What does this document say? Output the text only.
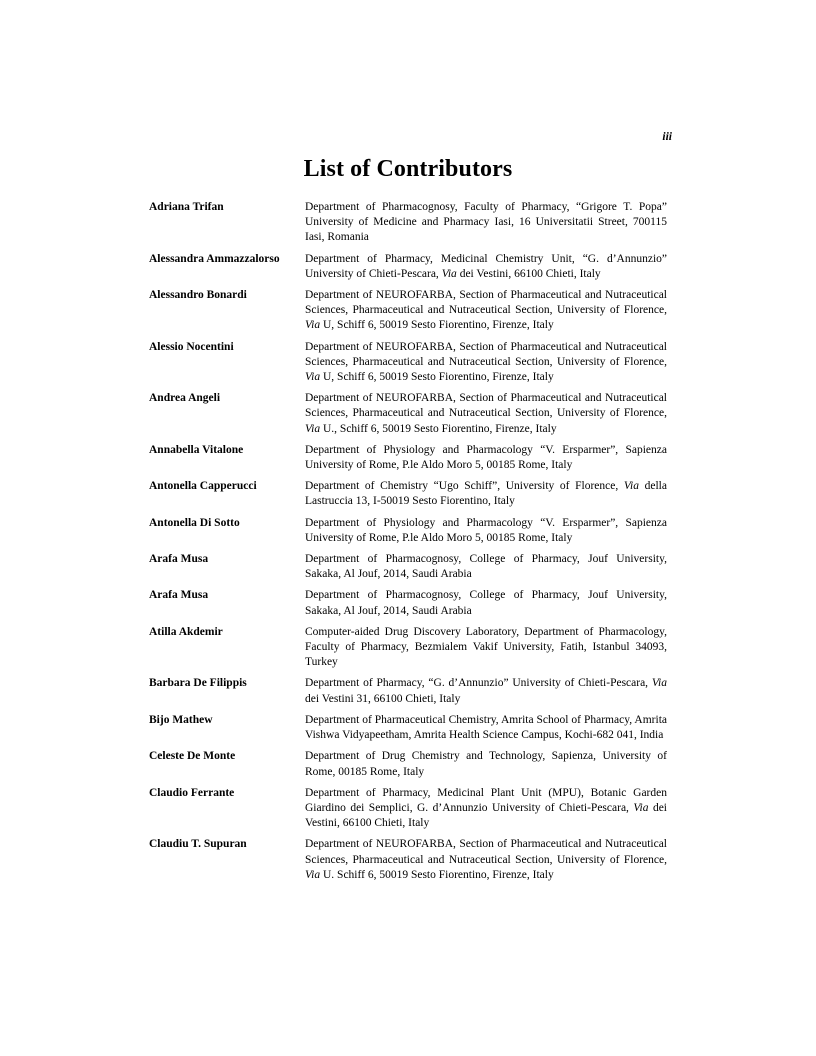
iii
List of Contributors
Adriana Trifan	Department of Pharmacognosy, Faculty of Pharmacy, “Grigore T. Popa” University of Medicine and Pharmacy Iasi, 16 Universitatii Street, 700115 Iasi, Romania
Alessandra Ammazzalorso	Department of Pharmacy, Medicinal Chemistry Unit, “G. d’Annunzio” University of Chieti-Pescara, Via dei Vestini, 66100 Chieti, Italy
Alessandro Bonardi	Department of NEUROFARBA, Section of Pharmaceutical and Nutraceutical Sciences, Pharmaceutical and Nutraceutical Section, University of Florence, Via U, Schiff 6, 50019 Sesto Fiorentino, Firenze, Italy
Alessio Nocentini	Department of NEUROFARBA, Section of Pharmaceutical and Nutraceutical Sciences, Pharmaceutical and Nutraceutical Section, University of Florence, Via U, Schiff 6, 50019 Sesto Fiorentino, Firenze, Italy
Andrea Angeli	Department of NEUROFARBA, Section of Pharmaceutical and Nutraceutical Sciences, Pharmaceutical and Nutraceutical Section, University of Florence, Via U., Schiff 6, 50019 Sesto Fiorentino, Firenze, Italy
Annabella Vitalone	Department of Physiology and Pharmacology “V. Ersparmer”, Sapienza University of Rome, P.le Aldo Moro 5, 00185 Rome, Italy
Antonella Capperucci	Department of Chemistry “Ugo Schiff”, University of Florence, Via della Lastruccia 13, I-50019 Sesto Fiorentino, Italy
Antonella Di Sotto	Department of Physiology and Pharmacology “V. Ersparmer”, Sapienza University of Rome, P.le Aldo Moro 5, 00185 Rome, Italy
Arafa Musa	Department of Pharmacognosy, College of Pharmacy, Jouf University, Sakaka, Al Jouf, 2014, Saudi Arabia
Arafa Musa	Department of Pharmacognosy, College of Pharmacy, Jouf University, Sakaka, Al Jouf, 2014, Saudi Arabia
Atilla Akdemir	Computer-aided Drug Discovery Laboratory, Department of Pharmacology, Faculty of Pharmacy, Bezmialem Vakif University, Fatih, Istanbul 34093, Turkey
Barbara De Filippis	Department of Pharmacy, “G. d’Annunzio” University of Chieti-Pescara, Via dei Vestini 31, 66100 Chieti, Italy
Bijo Mathew	Department of Pharmaceutical Chemistry, Amrita School of Pharmacy, Amrita Vishwa Vidyapeetham, Amrita Health Science Campus, Kochi-682 041, India
Celeste De Monte	Department of Drug Chemistry and Technology, Sapienza, University of Rome, 00185 Rome, Italy
Claudio Ferrante	Department of Pharmacy, Medicinal Plant Unit (MPU), Botanic Garden Giardino dei Semplici, G. d’Annunzio University of Chieti-Pescara, Via dei Vestini, 66100 Chieti, Italy
Claudiu T. Supuran	Department of NEUROFARBA, Section of Pharmaceutical and Nutraceutical Sciences, Pharmaceutical and Nutraceutical Section, University of Florence, Via U. Schiff 6, 50019 Sesto Fiorentino, Firenze, Italy
